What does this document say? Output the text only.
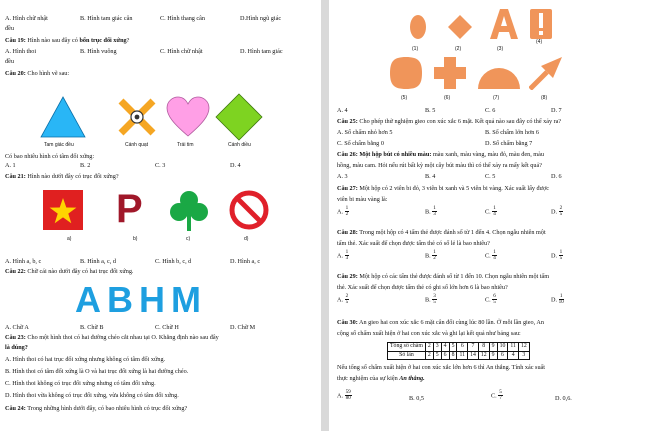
A. Hình chữ nhật	B. Hình tam giác cân	C. Hình thang cân	D.Hình ngũ giác
đều
Câu 19: Hình nào sau đây có bốn trục đối xứng?
A. Hình thoi	B. Hình vuông	C. Hình chữ nhật	D. Hình tam giác
đều
Câu 20: Cho hình vẽ sau:
Tam giác đều	Cánh quạt	Trái tim	Cánh diều
Có bao nhiêu hình có tâm đối xứng:
A. 1	B. 2	C. 3	D. 4
Câu 21: Hình nào dưới đây có trục đối xứng?
P
a)	b)	c)	d)
A. Hình a, b, c	B. Hình a, c, d	C. Hình b, c, d	D. Hình a, c
Câu 22: Chữ cái nào dưới đây có hai trục đối xứng.
ABHM
A. Chữ A	B. Chữ B	C. Chữ H	D. Chữ M
Câu 23: Cho một hình thoi có hai đường chéo cắt nhau tại O. Khẳng định nào sau đây
là đúng?
A. Hình thoi có hai trục đối xứng nhưng không có tâm đối xứng.
B. Hình thoi có tâm đối xứng là O và hai trục đối xứng là hai đường chéo.
C. Hình thoi không có trục đối xứng nhưng có tâm đối xứng.
D. Hình thoi vừa không có trục đối xứng, vừa không có tâm đối xứng.
Câu 24: Trong những hình dưới đây, có bao nhiêu hình có trục đối xứng?
(1)	(2)	(3)
(4)
(5)	(6)	(7)	(8)
A. 4	B. 5	C. 6	D. 7
Câu 25: Cho phép thử nghiệm gieo con xúc xắc 6 mặt. Kết quả nào sau đây có thể xảy ra?
A. Số chấm nhỏ hơn 5	B. Số chấm lớn hơn 6
C. Số chấm bằng 0	D. Số chấm bằng 7
Câu 26: Một hộp bút có nhiều màu: màu xanh, màu vàng, màu đỏ, màu đen, màu
hồng, màu cam. Hỏi nếu rút bất kỳ một cây bút màu thì có thể xảy ra mấy kết quả?
A. 3	B. 4	C. 5	D. 6
Câu 27: Một hộp có 2 viên bi đỏ, 3 viên bi xanh và 5 viên bi vàng. Xác suất lấy được
viên bi màu vàng là:
A. $\frac{1}{2}$	B. $\frac{1}{3}$	C. $\frac{1}{4}$	D. $\frac{2}{5}$
Câu 28: Trong một hộp có 4 tấm thẻ được đánh số từ 1 đến 4. Chọn ngẫu nhiên một
tấm thẻ. Xác suất để chọn được tấm thẻ có số lẻ là bao nhiêu?
A. $\frac{1}{3}$	B. $\frac{1}{2}$	C. $\frac{1}{4}$	D. $\frac{1}{5}$
Câu 29: Một hộp có các tấm thẻ được đánh số từ 1 đến 10. Chọn ngẫu nhiên một tấm
thẻ. Xác suất để chọn được tấm thẻ có ghi số lớn hơn 6 là bao nhiêu?
A. $\frac{2}{5}$	B. $\frac{3}{5}$	C. $\frac{6}{5}$	D. $\frac{1}{10}$
Câu 30: An gieo hai con xúc xắc 6 mặt cân đối cùng lúc 80 lần. Ở mỗi lần gieo, An
cộng số chấm xuất hiện ở hai con xúc xắc và ghi lại kết quả như bảng sau:
Tổng số chấm	2	3	4	5	6	7	8	9	10	11	12
Số lần	2	5	6	8	11	14	12	9	6	4	3
Nếu tổng số chấm xuất hiện ở hai con xúc xắc lớn hơn 6 thì An thắng. Tính xác suất
thực nghiệm của sự kiện An thắng.
A. $\frac{59}{80}$	B. 0,5	C. $\frac{5}{7}$	D. 0,6.
